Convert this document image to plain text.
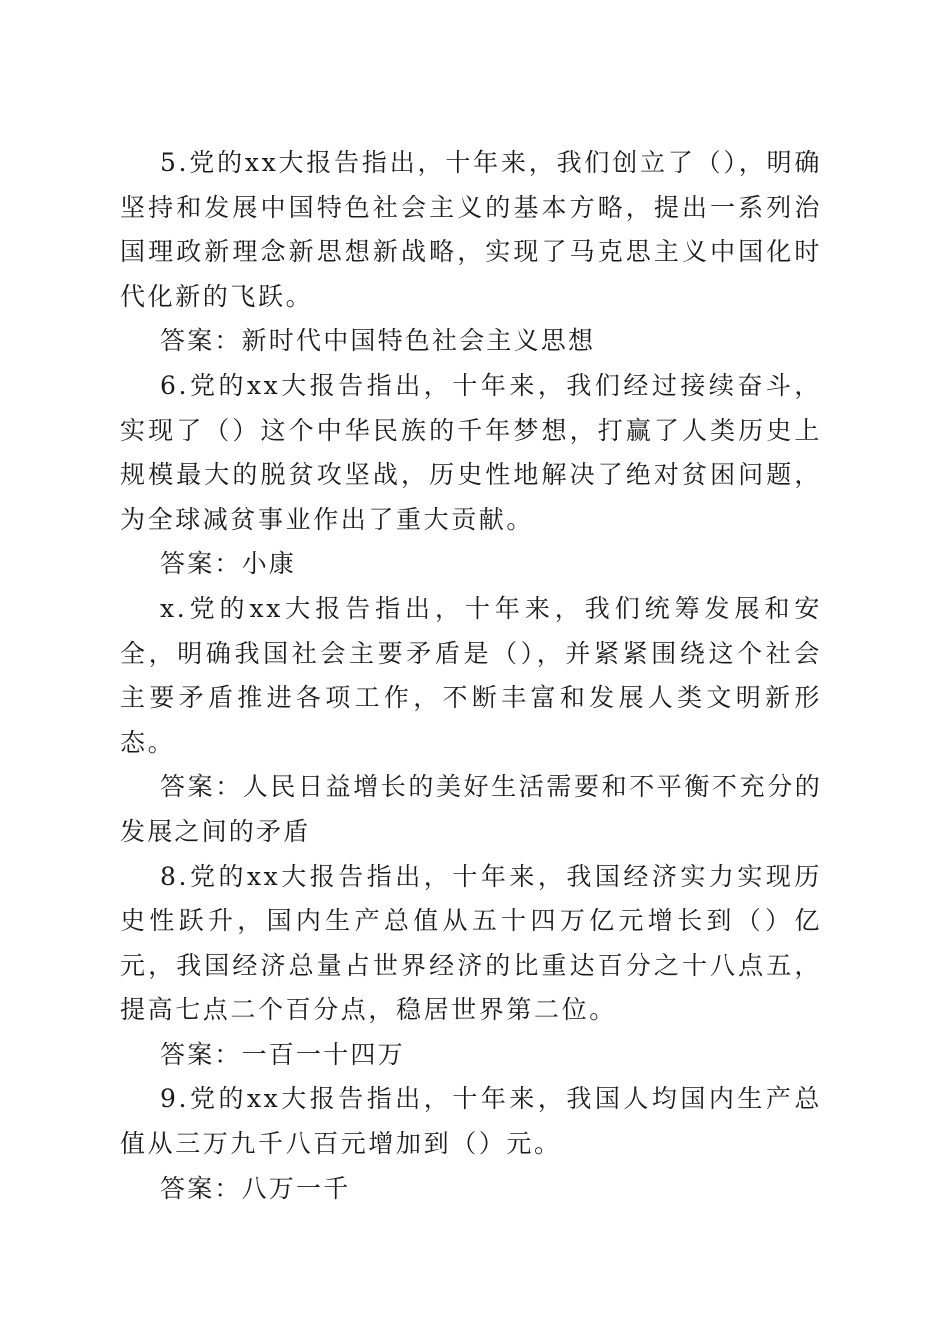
5.党的xx大报告指出，十年来，我们创立了（），明确坚持和发展中国特色社会主义的基本方略，提出一系列治国理政新理念新思想新战略，实现了马克思主义中国化时代化新的飞跃。

答案：新时代中国特色社会主义思想

6.党的xx大报告指出，十年来，我们经过接续奋斗，实现了（）这个中华民族的千年梦想，打赢了人类历史上规模最大的脱贫攻坚战，历史性地解决了绝对贫困问题，为全球减贫事业作出了重大贡献。

答案：小康

x.党的xx大报告指出，十年来，我们统筹发展和安全，明确我国社会主要矛盾是（），并紧紧围绕这个社会主要矛盾推进各项工作，不断丰富和发展人类文明新形态。

答案：人民日益增长的美好生活需要和不平衡不充分的发展之间的矛盾

8.党的xx大报告指出，十年来，我国经济实力实现历史性跃升，国内生产总值从五十四万亿元增长到（）亿元，我国经济总量占世界经济的比重达百分之十八点五，提高七点二个百分点，稳居世界第二位。

答案：一百一十四万

9.党的xx大报告指出，十年来，我国人均国内生产总值从三万九千八百元增加到（）元。

答案：八万一千
